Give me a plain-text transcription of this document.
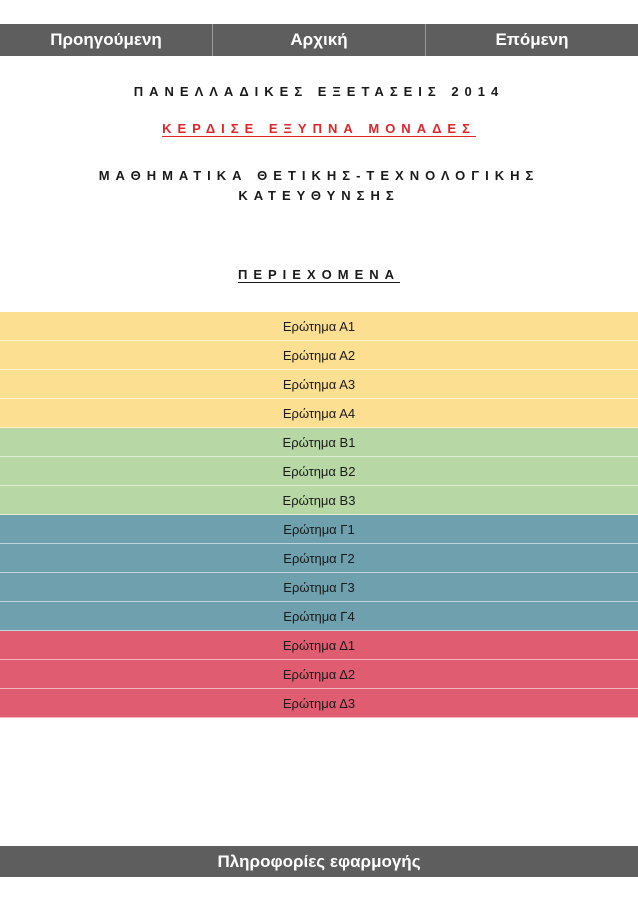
Προηγούμενη	Αρχική	Επόμενη
ΠΑΝΕΛΛΑΔΙΚΕΣ ΕΞΕΤΑΣΕΙΣ 2014
ΚΕΡΔΙΣΕ ΕΞΥΠΝΑ ΜΟΝΑΔΕΣ
ΜΑΘΗΜΑΤΙΚΑ ΘΕΤΙΚΗΣ-ΤΕΧΝΟΛΟΓΙΚΗΣ
ΚΑΤΕΥΘΥΝΣΗΣ
ΠΕΡΙΕΧΟΜΕΝΑ
Ερώτημα Α1
Ερώτημα Α2
Ερώτημα Α3
Ερώτημα Α4
Ερώτημα Β1
Ερώτημα Β2
Ερώτημα Β3
Ερώτημα Γ1
Ερώτημα Γ2
Ερώτημα Γ3
Ερώτημα Γ4
Ερώτημα Δ1
Ερώτημα Δ2
Ερώτημα Δ3
Πληροφορίες εφαρμογής
